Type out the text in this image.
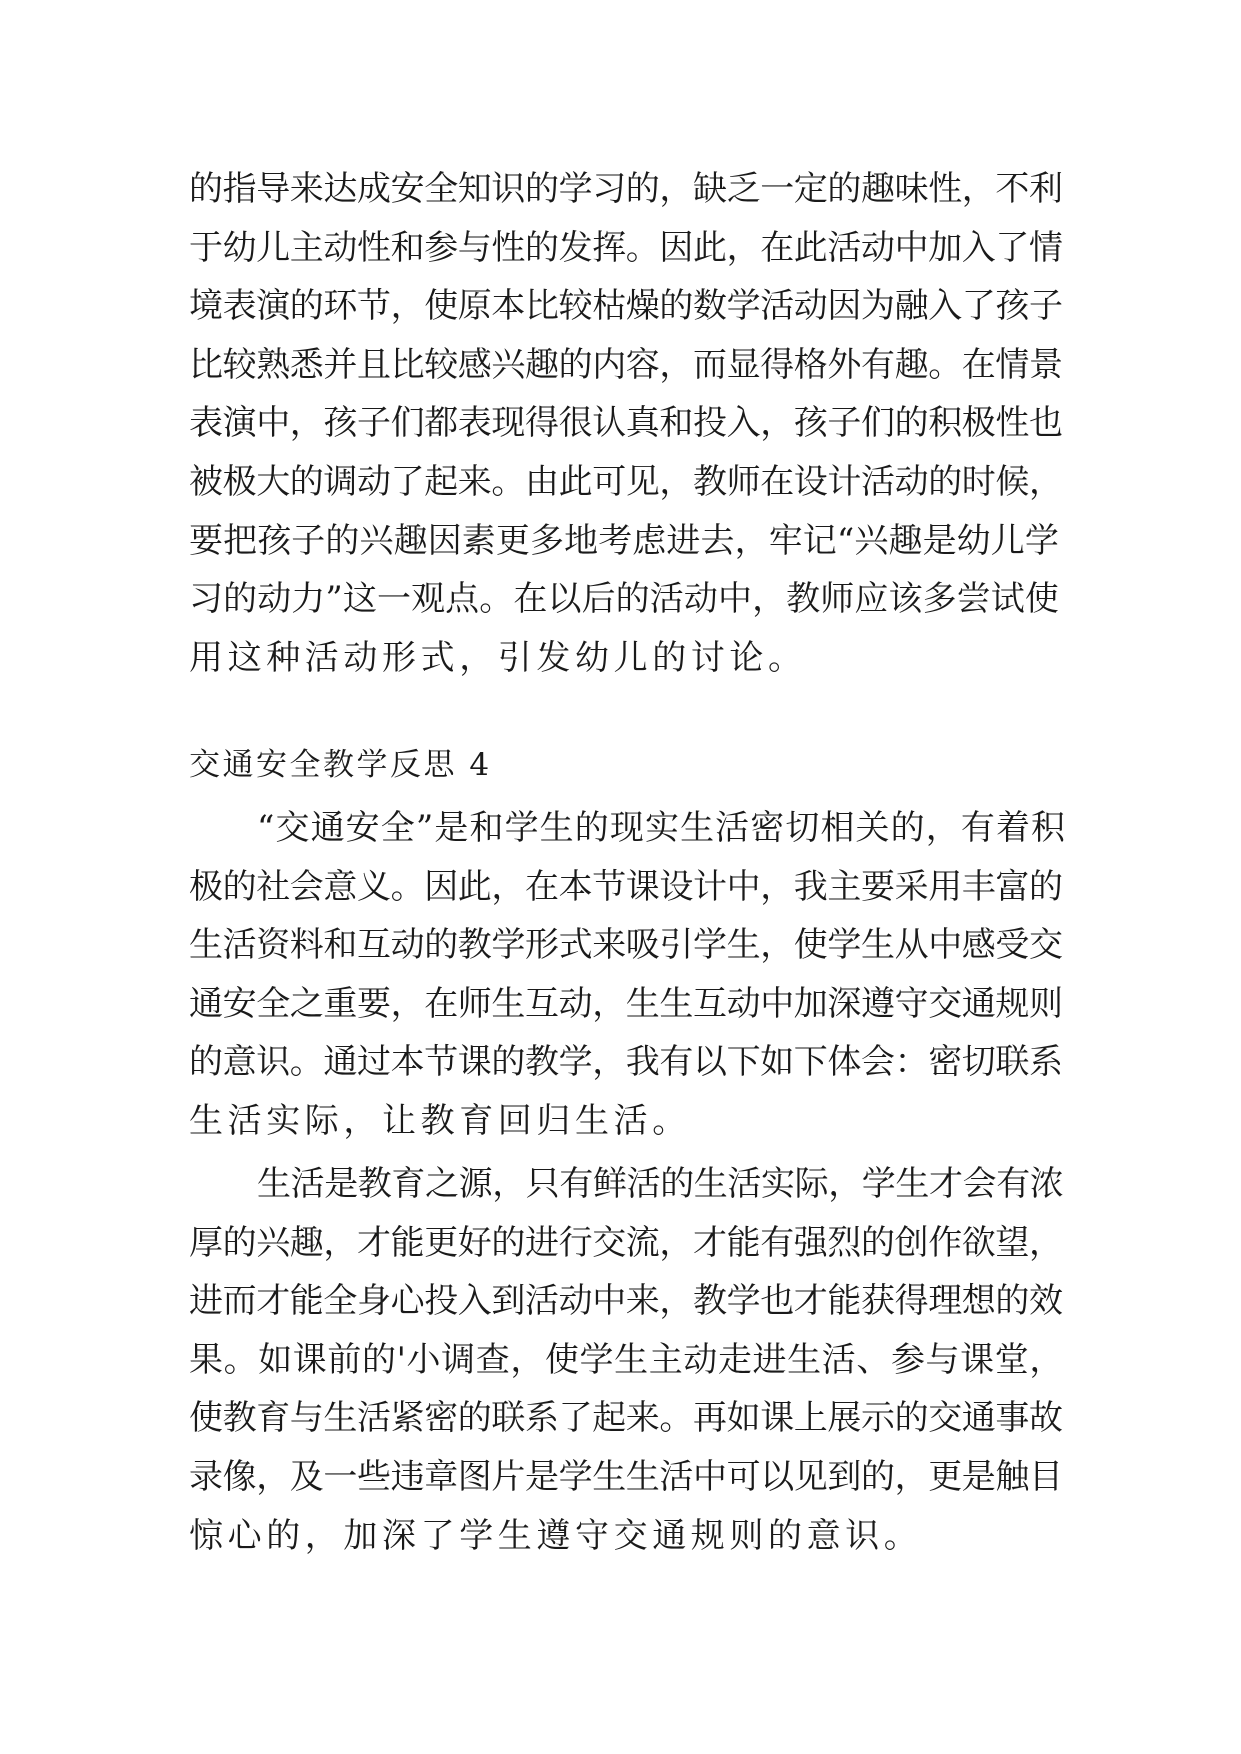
的指导来达成安全知识的学习的，缺乏一定的趣味性，不利
于幼儿主动性和参与性的发挥。因此，在此活动中加入了情
境表演的环节，使原本比较枯燥的数学活动因为融入了孩子
比较熟悉并且比较感兴趣的内容，而显得格外有趣。在情景
表演中，孩子们都表现得很认真和投入，孩子们的积极性也
被极大的调动了起来。由此可见，教师在设计活动的时候，
要把孩子的兴趣因素更多地考虑进去，牢记“兴趣是幼儿学
习的动力”这一观点。在以后的活动中，教师应该多尝试使
用这种活动形式，引发幼儿的讨论。
交通安全教学反思 4
“交通安全”是和学生的现实生活密切相关的，有着积
极的社会意义。因此，在本节课设计中，我主要采用丰富的
生活资料和互动的教学形式来吸引学生，使学生从中感受交
通安全之重要，在师生互动，生生互动中加深遵守交通规则
的意识。通过本节课的教学，我有以下如下体会：密切联系
生活实际，让教育回归生活。
生活是教育之源，只有鲜活的生活实际，学生才会有浓
厚的兴趣，才能更好的进行交流，才能有强烈的创作欲望，
进而才能全身心投入到活动中来，教学也才能获得理想的效
果。如课前的'小调查，使学生主动走进生活、参与课堂，
使教育与生活紧密的联系了起来。再如课上展示的交通事故
录像，及一些违章图片是学生生活中可以见到的，更是触目
惊心的，加深了学生遵守交通规则的意识。
